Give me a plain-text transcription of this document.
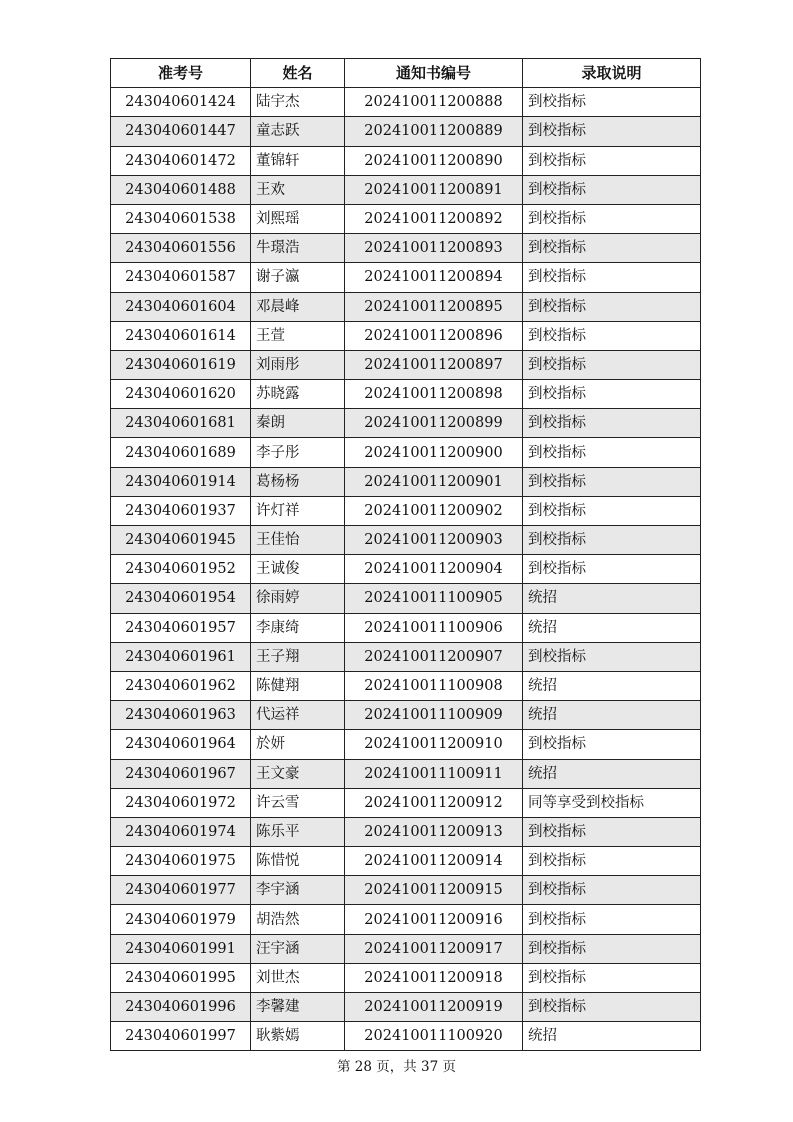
准考号	姓名	通知书编号	录取说明
243040601424	陆宇杰	202410011200888	到校指标
243040601447	童志跃	202410011200889	到校指标
243040601472	董锦轩	202410011200890	到校指标
243040601488	王欢	202410011200891	到校指标
243040601538	刘熙瑶	202410011200892	到校指标
243040601556	牛璟浩	202410011200893	到校指标
243040601587	谢子瀛	202410011200894	到校指标
243040601604	邓晨峰	202410011200895	到校指标
243040601614	王萱	202410011200896	到校指标
243040601619	刘雨彤	202410011200897	到校指标
243040601620	苏晓露	202410011200898	到校指标
243040601681	秦朗	202410011200899	到校指标
243040601689	李子彤	202410011200900	到校指标
243040601914	葛杨杨	202410011200901	到校指标
243040601937	许灯祥	202410011200902	到校指标
243040601945	王佳怡	202410011200903	到校指标
243040601952	王诚俊	202410011200904	到校指标
243040601954	徐雨婷	202410011100905	统招
243040601957	李康绮	202410011100906	统招
243040601961	王子翔	202410011200907	到校指标
243040601962	陈健翔	202410011100908	统招
243040601963	代运祥	202410011100909	统招
243040601964	於妍	202410011200910	到校指标
243040601967	王文豪	202410011100911	统招
243040601972	许云雪	202410011200912	同等享受到校指标
243040601974	陈乐平	202410011200913	到校指标
243040601975	陈惜悦	202410011200914	到校指标
243040601977	李宇涵	202410011200915	到校指标
243040601979	胡浩然	202410011200916	到校指标
243040601991	汪宇涵	202410011200917	到校指标
243040601995	刘世杰	202410011200918	到校指标
243040601996	李馨建	202410011200919	到校指标
243040601997	耿紫嫣	202410011100920	统招
第 28 页，共 37 页
